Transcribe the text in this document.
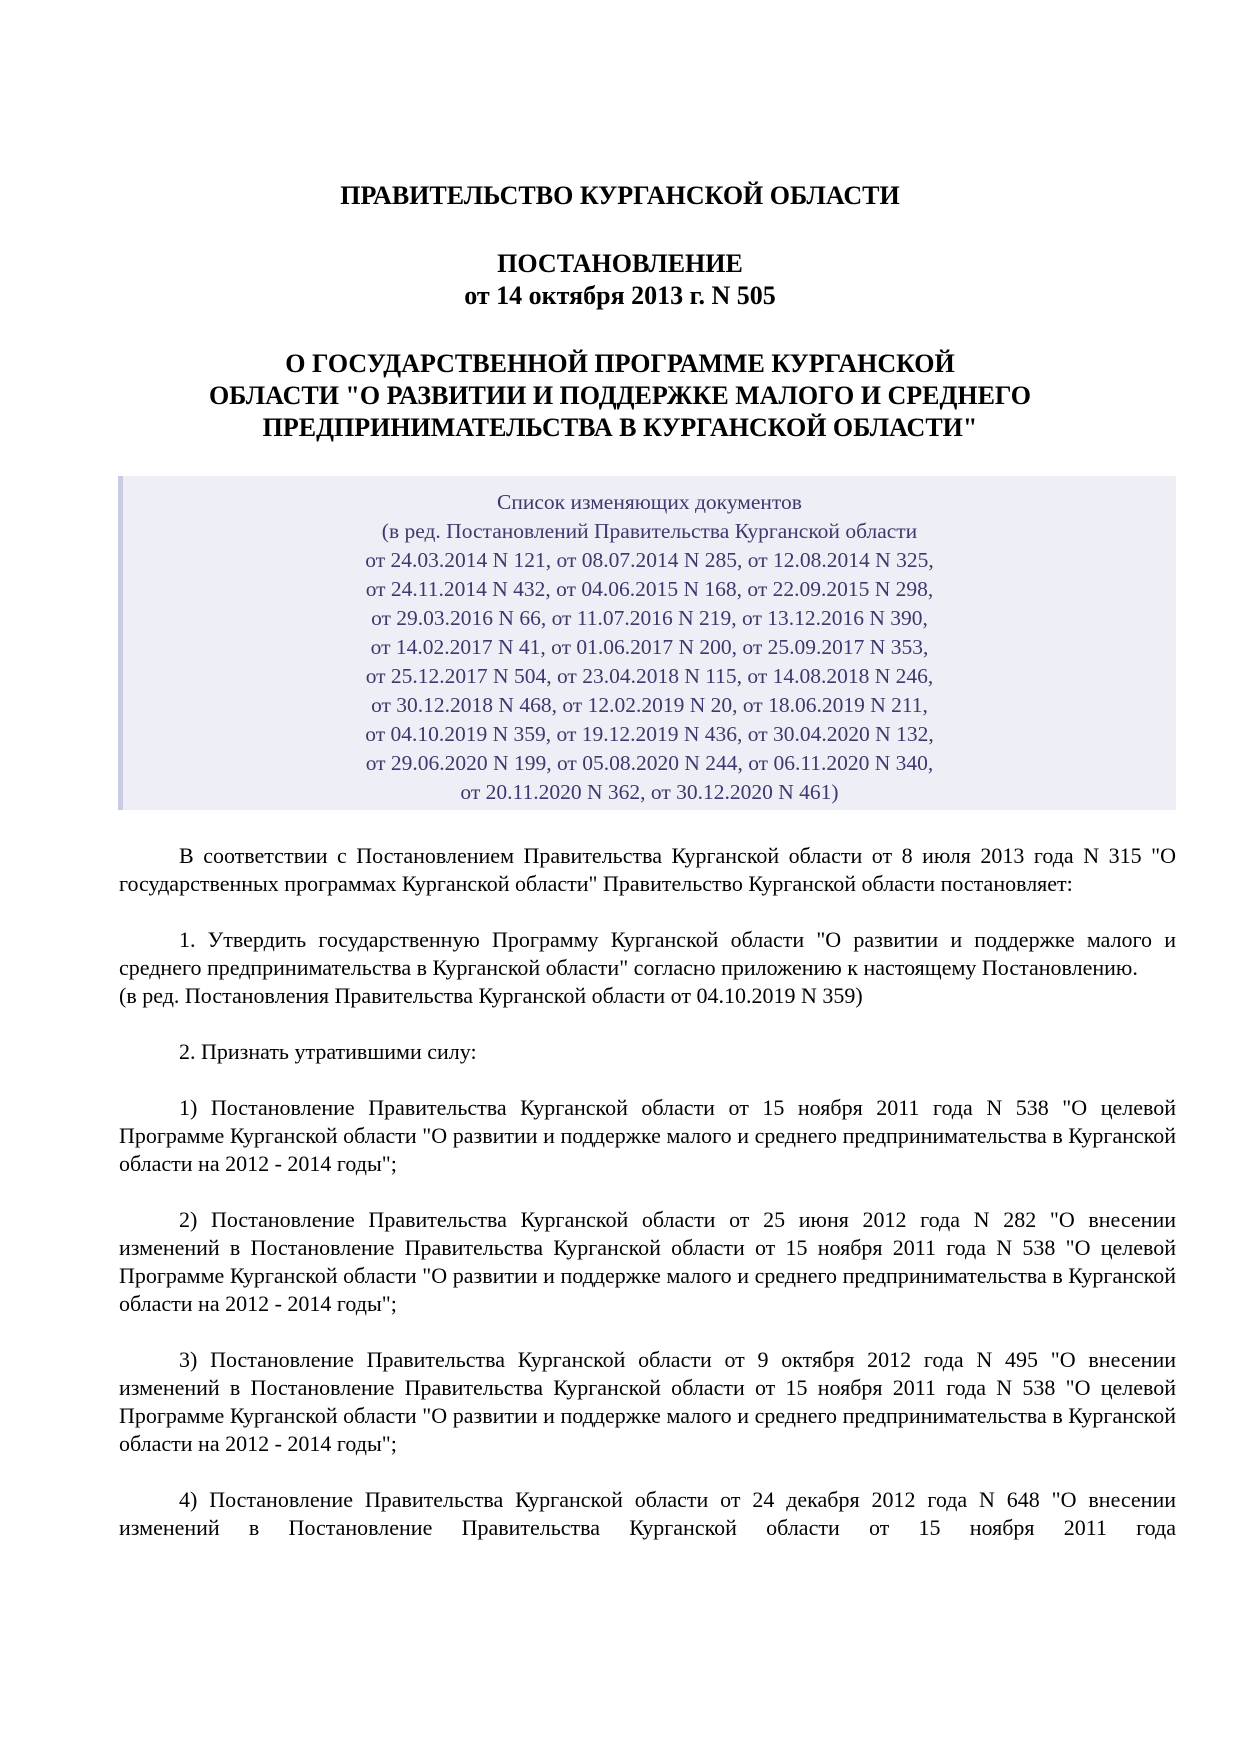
ПРАВИТЕЛЬСТВО КУРГАНСКОЙ ОБЛАСТИ
ПОСТАНОВЛЕНИЕ
от 14 октября 2013 г. N 505
О ГОСУДАРСТВЕННОЙ ПРОГРАММЕ КУРГАНСКОЙ
ОБЛАСТИ "О РАЗВИТИИ И ПОДДЕРЖКЕ МАЛОГО И СРЕДНЕГО
ПРЕДПРИНИМАТЕЛЬСТВА В КУРГАНСКОЙ ОБЛАСТИ"

Список изменяющих документов
(в ред. Постановлений Правительства Курганской области
от 24.03.2014 N 121, от 08.07.2014 N 285, от 12.08.2014 N 325,
от 24.11.2014 N 432, от 04.06.2015 N 168, от 22.09.2015 N 298,
от 29.03.2016 N 66, от 11.07.2016 N 219, от 13.12.2016 N 390,
от 14.02.2017 N 41, от 01.06.2017 N 200, от 25.09.2017 N 353,
от 25.12.2017 N 504, от 23.04.2018 N 115, от 14.08.2018 N 246,
от 30.12.2018 N 468, от 12.02.2019 N 20, от 18.06.2019 N 211,
от 04.10.2019 N 359, от 19.12.2019 N 436, от 30.04.2020 N 132,
от 29.06.2020 N 199, от 05.08.2020 N 244, от 06.11.2020 N 340,
от 20.11.2020 N 362, от 30.12.2020 N 461)

В соответствии с Постановлением Правительства Курганской области от 8 июля 2013 года N 315 "О государственных программах Курганской области" Правительство Курганской области постановляет:

1. Утвердить государственную Программу Курганской области "О развитии и поддержке малого и среднего предпринимательства в Курганской области" согласно приложению к настоящему Постановлению.

(в ред. Постановления Правительства Курганской области от 04.10.2019 N 359)

2. Признать утратившими силу:

1) Постановление Правительства Курганской области от 15 ноября 2011 года N 538 "О целевой Программе Курганской области "О развитии и поддержке малого и среднего предпринимательства в Курганской области на 2012 - 2014 годы";

2) Постановление Правительства Курганской области от 25 июня 2012 года N 282 "О внесении изменений в Постановление Правительства Курганской области от 15 ноября 2011 года N 538 "О целевой Программе Курганской области "О развитии и поддержке малого и среднего предпринимательства в Курганской области на 2012 - 2014 годы";

3) Постановление Правительства Курганской области от 9 октября 2012 года N 495 "О внесении изменений в Постановление Правительства Курганской области от 15 ноября 2011 года N 538 "О целевой Программе Курганской области "О развитии и поддержке малого и среднего предпринимательства в Курганской области на 2012 - 2014 годы";

4) Постановление Правительства Курганской области от 24 декабря 2012 года N 648 "О внесении изменений в Постановление Правительства Курганской области от 15 ноября 2011 года
